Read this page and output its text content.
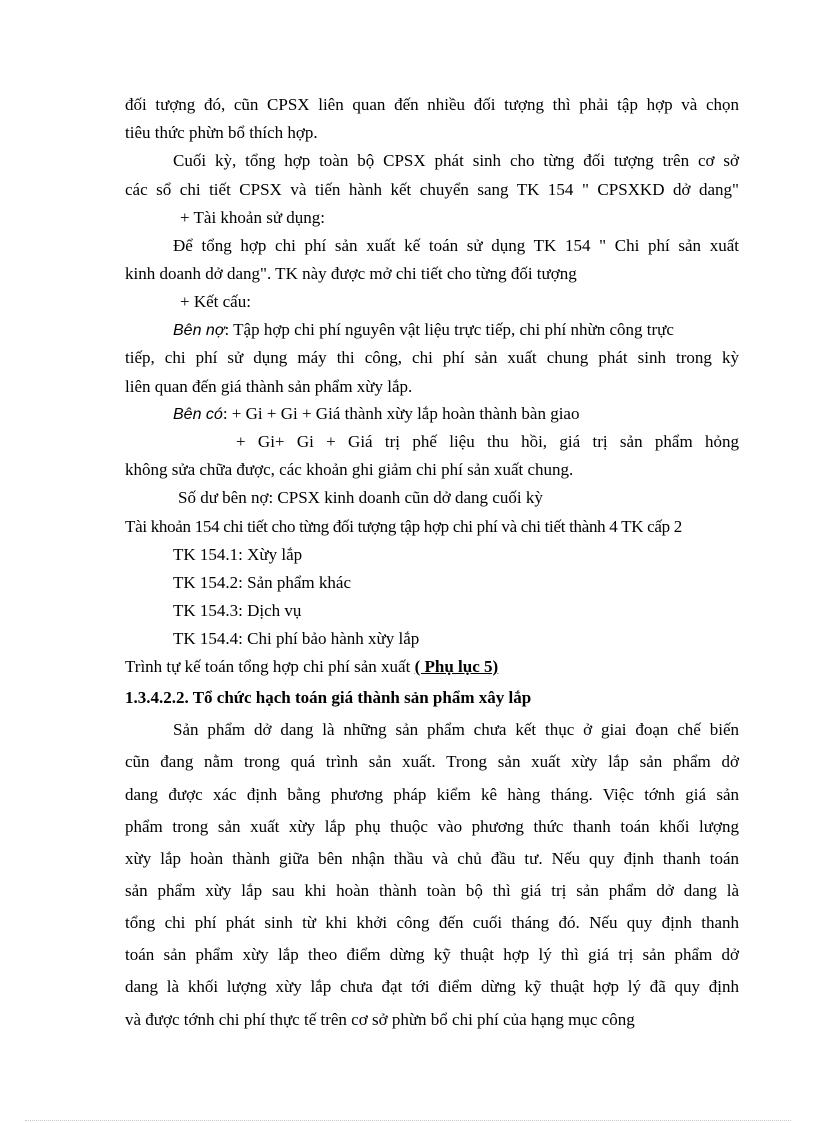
đối tượng đó, cũn CPSX liên quan đến nhiều đối tượng thì phải tập hợp và chọn
tiêu thức phừn bổ thích hợp.
Cuối kỳ, tổng hợp toàn bộ CPSX phát sinh cho từng đối tượng trên cơ sở
các sổ chi tiết CPSX và tiến hành kết chuyển sang TK 154 " CPSXKD dở dang"
+ Tài khoản sử dụng:
Để tổng hợp chi phí sản xuất kế toán sử dụng TK 154 " Chi phí sản xuất
kinh doanh dở dang". TK này được mở chi tiết cho từng đối tượng
+ Kết cấu:
Bên nợ: Tập hợp chi phí nguyên vật liệu trực tiếp, chi phí nhừn công trực
tiếp, chi phí sử dụng máy thi công, chi phí sản xuất chung phát sinh trong kỳ
liên quan đến giá thành sản phẩm xừy lắp.
Bên có: + Gi + Gi + Giá thành xừy lắp hoàn thành bàn giao
+ Gi+ Gi + Giá trị phế liệu thu hồi, giá trị sản phẩm hỏng
không sửa chữa được, các khoản ghi giảm chi phí sản xuất chung.
Số dư bên nợ: CPSX kinh doanh cũn dở dang cuối kỳ
Tài khoản 154 chi tiết cho từng đối tượng tập hợp chi phí và chi tiết thành 4 TK cấp 2
TK 154.1: Xừy lắp
TK 154.2: Sản phẩm khác
TK 154.3: Dịch vụ
TK 154.4: Chi phí bảo hành xừy lắp
Trình tự kế toán tổng hợp chi phí sản xuất ( Phụ lục 5)
1.3.4.2.2. Tổ chức hạch toán giá thành sản phẩm xây lắp
Sản phẩm dở dang là những sản phẩm chưa kết thục ở giai đoạn chế biến
cũn đang nằm trong quá trình sản xuất. Trong sản xuất xừy lắp sản phẩm dở
dang được xác định bằng phương pháp kiểm kê hàng tháng. Việc tớnh giá sản
phẩm trong sản xuất xừy lắp phụ thuộc vào phương thức thanh toán khối lượng
xừy lắp hoàn thành giữa bên nhận thầu và chủ đầu tư. Nếu quy định thanh toán
sản phẩm xừy lắp sau khi hoàn thành toàn bộ thì giá trị sản phẩm dở dang là
tổng chi phí phát sinh từ khi khởi công đến cuối tháng đó. Nếu quy định thanh
toán sản phẩm xừy lắp theo điểm dừng kỹ thuật hợp lý thì giá trị sản phẩm dở
dang là khối lượng xừy lắp chưa đạt tới điểm dừng kỹ thuật hợp lý đã quy định
và được tớnh chi phí thực tế trên cơ sở phừn bổ chi phí của hạng mục công
